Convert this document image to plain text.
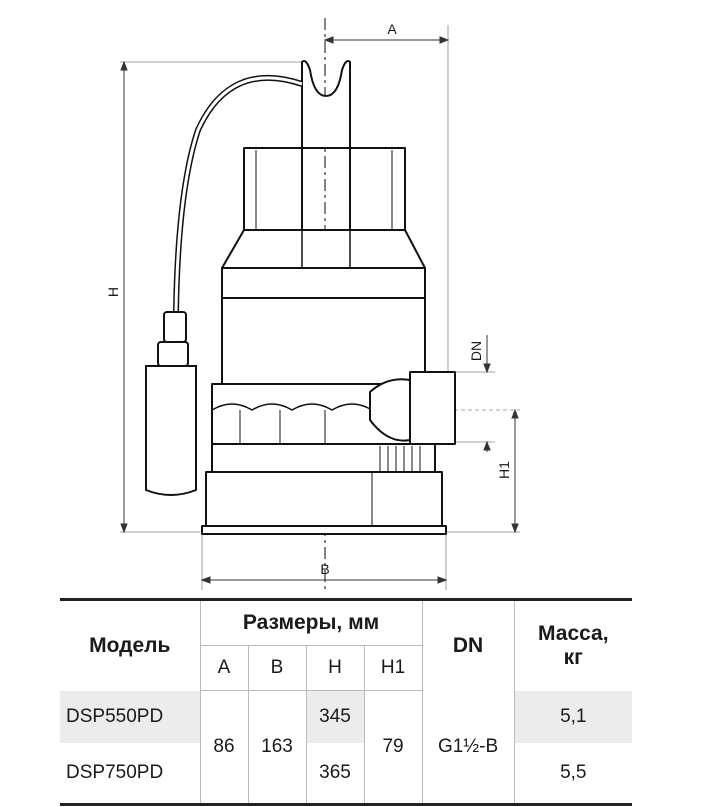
A
H
B
DN
H1
Модель	Размеры, мм				DN	Масса,
кг
	A	B	H	H1		
DSP550PD	86	163	345	79	G1½-B	5,1
DSP750PD			365			5,5
